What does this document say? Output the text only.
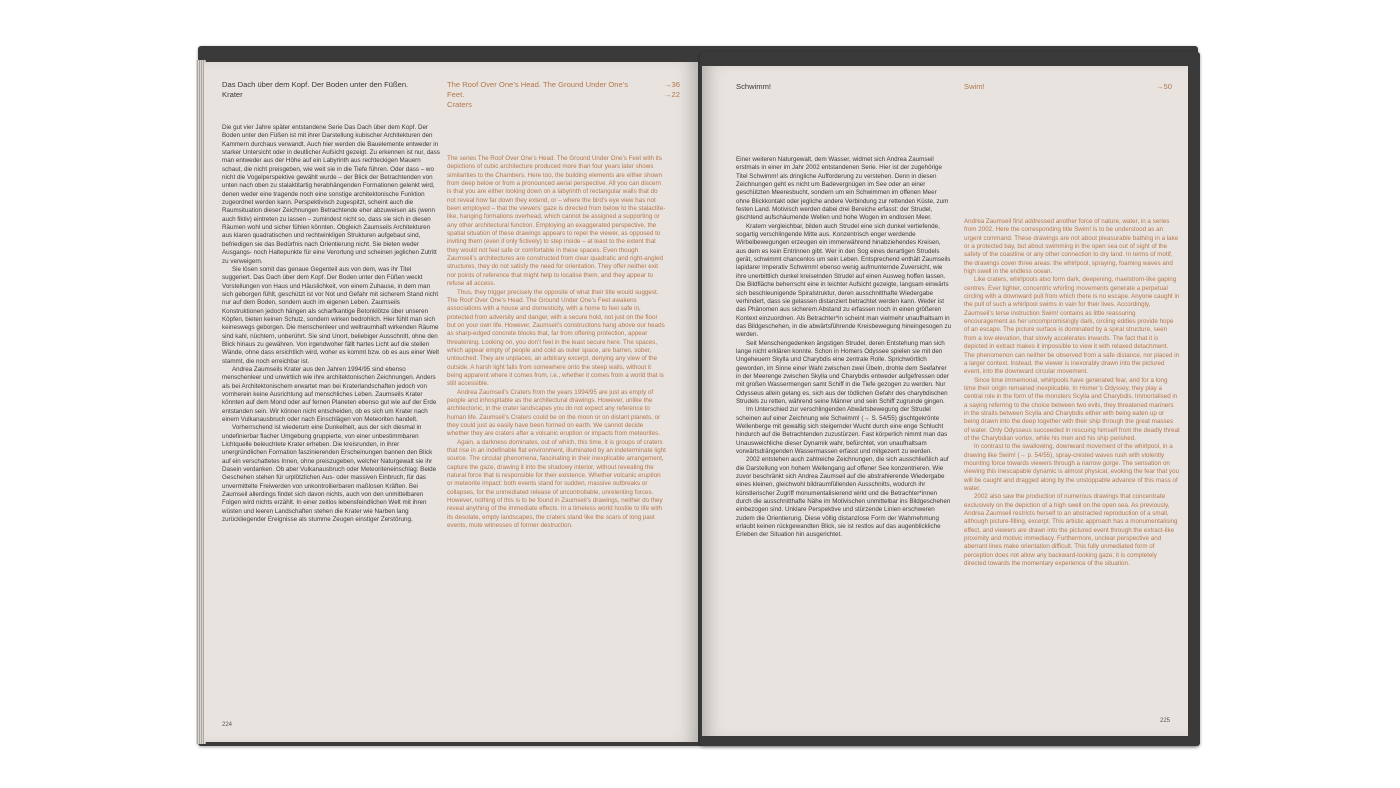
Das Dach über dem Kopf. Der Boden unter den Füßen.
Krater
The Roof Over One’s Head. The Ground Under One’s Feet.
Craters
→36
→22

Die gut vier Jahre später entstandene Serie Das Dach über dem Kopf. Der Boden unter den Füßen ist mit ihrer Darstellung kubischer Architekturen den Kammern durchaus verwandt. Auch hier werden die Bauelemente entweder in starker Untersicht oder in deutlicher Aufsicht gezeigt. Zu erkennen ist nur, dass man entweder aus der Höhe auf ein Labyrinth aus rechteckigen Mauern schaut, die nicht preisgeben, wie weit sie in die Tiefe führen. Oder dass – wo nicht die Vogelperspektive gewählt wurde – der Blick der Betrachtenden von unten nach oben zu stalaktitartig herabhängenden Formationen gelenkt wird, denen weder eine tragende noch eine sonstige architektonische Funktion zugeordnet werden kann. Perspektivisch zugespitzt, scheint auch die Raumsituation dieser Zeichnungen Betrachtende eher abzuweisen als (wenn auch fiktiv) eintreten zu lassen – zumindest nicht so, dass sie sich in diesen Räumen wohl und sicher fühlen könnten. Obgleich Zaumseils Architekturen aus klaren quadratischen und rechtwinkligen Strukturen aufgebaut sind, befriedigen sie das Bedürfnis nach Orientierung nicht. Sie bieten weder Ausgangs- noch Haltepunkte für eine Verortung und scheinen jeglichen Zutritt zu verweigern.

Sie lösen somit das genaue Gegenteil aus von dem, was ihr Titel suggeriert. Das Dach über dem Kopf. Der Boden unter den Füßen weckt Vorstellungen von Haus und Häuslichkeit, von einem Zuhause, in dem man sich geborgen fühlt, geschützt ist vor Not und Gefahr mit sicherem Stand nicht nur auf dem Boden, sondern auch im eigenen Leben. Zaumseils Konstruktionen jedoch hängen als scharfkantige Betonklötze über unseren Köpfen, bieten keinen Schutz, sondern wirken bedrohlich. Hier fühlt man sich keineswegs geborgen. Die menschenleer und weltraumhaft wirkenden Räume sind kahl, nüchtern, unberührt. Sie sind Unort, beliebiger Ausschnitt, ohne den Blick hinaus zu gewähren. Von irgendwoher fällt hartes Licht auf die steilen Wände, ohne dass ersichtlich wird, woher es kommt bzw. ob es aus einer Welt stammt, die noch erreichbar ist.

Andrea Zaumseils Krater aus den Jahren 1994/95 sind ebenso menschenleer und unwirtlich wie ihre architektonischen Zeichnungen. Anders als bei Architektonischem erwartet man bei Kraterlandschaften jedoch von vornherein keine Ausrichtung auf menschliches Leben. Zaumseils Krater könnten auf dem Mond oder auf fernen Planeten ebenso gut wie auf der Erde entstanden sein. Wir können nicht entscheiden, ob es sich um Krater nach einem Vulkanausbruch oder nach Einschlägen von Meteoriten handelt.

Vorherrschend ist wiederum eine Dunkelheit, aus der sich diesmal in undefinierbar flacher Umgebung gruppierte, von einer unbestimmbaren Lichtquelle beleuchtete Krater erheben. Die kreisrunden, in ihrer unergründlichen Formation faszinierenden Erscheinungen bannen den Blick auf ein verschattetes Innen, ohne preiszugeben, welcher Naturgewalt sie ihr Dasein verdanken. Ob aber Vulkanausbruch oder Meteoriteneinschlag: Beide Geschehen stehen für urplötzlichen Aus- oder massiven Einbruch, für das unvermittelte Freiwerden von unkontrollierbaren maßlosen Kräften. Bei Zaumseil allerdings findet sich davon nichts, auch von den unmittelbaren Folgen wird nichts erzählt. In einer zeitlos lebensfeindlichen Welt mit ihren wüsten und leeren Landschaften stehen die Krater wie Narben lang zurückliegender Ereignisse als stumme Zeugen einstiger Zerstörung.

The series The Roof Over One’s Head. The Ground Under One’s Feet with its depictions of cubic architecture produced more than four years later shows similarities to the Chambers. Here too, the building elements are either shown from deep below or from a pronounced aerial perspective. All you can discern is that you are either looking down on a labyrinth of rectangular walls that do not reveal how far down they extend, or – where the bird’s eye view has not been employed – that the viewers’ gaze is directed from below to the stalactite-like, hanging formations overhead, which cannot be assigned a supporting or any other architectural function. Employing an exaggerated perspective, the spatial situation of these drawings appears to repel the viewer, as opposed to inviting them (even if only fictively) to step inside – at least to the extent that they would not feel safe or comfortable in these spaces. Even though Zaumseil’s architectures are constructed from clear quadratic and right-angled structures, they do not satisfy the need for orientation. They offer neither exit nor points of reference that might help to localise them, and they appear to refuse all access.

Thus, they trigger precisely the opposite of what their title would suggest. The Roof Over One’s Head. The Ground Under One’s Feet awakens associations with a house and domesticity, with a home to feel safe in, protected from adversity and danger, with a secure hold, not just on the floor but on your own life. However, Zaumseil’s constructions hang above our heads as sharp-edged concrete blocks that, far from offering protection, appear threatening. Looking on, you don’t feel in the least secure here. The spaces, which appear empty of people and cold as outer space, are barren, sober, untouched. They are unplaces, an arbitrary excerpt, denying any view of the outside. A harsh light falls from somewhere onto the steep walls, without it being apparent where it comes from, i.e., whether it comes from a world that is still accessible.

Andrea Zaumseil’s Craters from the years 1994/95 are just as empty of people and inhospitable as the architectural drawings. However, unlike the architectonic, in the crater landscapes you do not expect any reference to human life. Zaumseil’s Craters could be on the moon or on distant planets, or they could just as easily have been formed on earth. We cannot decide whether they are craters after a volcanic eruption or impacts from meteorites.

Again, a darkness dominates, out of which, this time, it is groups of craters that rise in an indefinable flat environment, illuminated by an indeterminate light source. The circular phenomena, fascinating in their inexplicable arrangement, capture the gaze, drawing it into the shadowy interior, without revealing the natural force that is responsible for their existence. Whether volcanic eruption or meteorite impact: both events stand for sudden, massive outbreaks or collapses, for the unmediated release of uncontrollable, unrelenting forces. However, nothing of this is to be found in Zaumseil’s drawings, neither do they reveal anything of the immediate effects. In a timeless world hostile to life with its desolate, empty landscapes, the craters stand like the scars of long past events, mute witnesses of former destruction.

224
Schwimm!	Swim!	→50

Einer weiteren Naturgewalt, dem Wasser, widmet sich Andrea Zaumseil erstmals in einer im Jahr 2002 entstandenen Serie. Hier ist der zugehörige Titel Schwimm! als dringliche Aufforderung zu verstehen. Denn in diesen Zeichnungen geht es nicht um Badevergnügen im See oder an einer geschützten Meeresbucht, sondern um ein Schwimmen im offenen Meer ohne Blickkontakt oder jegliche andere Verbindung zur rettenden Küste, zum festen Land. Motivisch werden dabei drei Bereiche erfasst: der Strudel, gischtend aufschäumende Wellen und hohe Wogen im endlosen Meer.

Kratern vergleichbar, bilden auch Strudel eine sich dunkel vertiefende, sogartig verschlingende Mitte aus. Konzentrisch enger werdende Wirbelbewegungen erzeugen ein immerwährend hinabziehendes Kreisen, aus dem es kein Entrinnen gibt. Wer in den Sog eines derartigen Strudels gerät, schwimmt chancenlos um sein Leben. Entsprechend enthält Zaumseils lapidarer Imperativ Schwimm! ebenso wenig aufmunternde Zuversicht, wie ihre unerbittlich dunkel kreiselnden Strudel auf einen Ausweg hoffen lassen. Die Bildfläche beherrscht eine in leichter Aufsicht gezeigte, langsam einwärts sich beschleunigende Spiralstruktur, deren ausschnitthafte Wiedergabe verhindert, dass sie gelassen distanziert betrachtet werden kann. Weder ist das Phänomen aus sicherem Abstand zu erfassen noch in einen größeren Kontext einzuordnen. Als Betrachter*in scheint man vielmehr unaufhaltsam in das Bildgeschehen, in die abwärtsführende Kreisbewegung hineingesogen zu werden.

Seit Menschengedenken ängstigen Strudel, deren Entstehung man sich lange nicht erklären konnte. Schon in Homers Odyssee spielen sie mit den Ungeheuern Skylla und Charybdis eine zentrale Rolle. Sprichwörtlich geworden, im Sinne einer Wahl zwischen zwei Übeln, drohte dem Seefahrer in der Meerenge zwischen Skylla und Charybdis entweder aufgefressen oder mit großen Wassermengen samt Schiff in die Tiefe gezogen zu werden. Nur Odysseus allein gelang es, sich aus der tödlichen Gefahr des charybdischen Strudels zu retten, während seine Männer und sein Schiff zugrunde gingen.

Im Unterschied zur verschlingenden Abwärtsbewegung der Strudel scheinen auf einer Zeichnung wie Schwimm! (→ S. 54/55) gischtgekrönte Wellenberge mit gewaltig sich steigernder Wucht durch eine enge Schlucht hindurch auf die Betrachtenden zuzustürzen. Fast körperlich nimmt man das Unausweichliche dieser Dynamik wahr, befürchtet, von unaufhaltsam vorwärtsdrängenden Wassermassen erfasst und mitgezerrt zu werden.

2002 entstehen auch zahlreiche Zeichnungen, die sich ausschließlich auf die Darstellung von hohem Wellengang auf offener See konzentrieren. Wie zuvor beschränkt sich Andrea Zaumseil auf die abstrahierende Wiedergabe eines kleinen, gleichwohl bildraumfüllenden Ausschnitts, wodurch ihr künstlerischer Zugriff monumentalisierend wirkt und die Betrachter*innen durch die ausschnitthafte Nähe im Motivischen unmittelbar ins Bildgeschehen einbezogen sind. Unklare Perspektive und stürzende Linien erschweren zudem die Orientierung. Diese völlig distanzlose Form der Wahrnehmung erlaubt keinen rückgewandten Blick, sie ist restlos auf das augenblickliche Erleben der Situation hin ausgerichtet.

Andrea Zaumseil first addressed another force of nature, water, in a series from 2002. Here the corresponding title Swim! is to be understood as an urgent command. These drawings are not about pleasurable bathing in a lake or a protected bay, but about swimming in the open sea out of sight of the safety of the coastline or any other connection to dry land. In terms of motif, the drawings cover three areas: the whirlpool, spraying, foaming waves and high swell in the endless ocean.

Like craters, whirlpools also form dark, deepening, maelstrom-like gaping centres. Ever tighter, concentric whirling movements generate a perpetual circling with a downward pull from which there is no escape. Anyone caught in the pull of such a whirlpool swims in vain for their lives. Accordingly, Zaumseil’s terse instruction Swim! contains as little reassuring encouragement as her uncompromisingly dark, circling eddies provide hope of an escape. The picture surface is dominated by a spiral structure, seen from a low elevation, that slowly accelerates inwards. The fact that it is depicted in extract makes it impossible to view it with relaxed detachment. The phenomenon can neither be observed from a safe distance, nor placed in a larger context. Instead, the viewer is inexorably drawn into the pictured event, into the downward circular movement.

Since time immemorial, whirlpools have generated fear, and for a long time their origin remained inexplicable. In Homer’s Odyssey, they play a central role in the form of the monsters Scylla and Charybdis. Immortalised in a saying referring to the choice between two evils, they threatened mariners in the straits between Scylla and Charybdis either with being eaten up or being drawn into the deep together with their ship through the great masses of water. Only Odysseus succeeded in rescuing himself from the deadly threat of the Charybdian vortex, while his men and his ship perished.

In contrast to the swallowing, downward movement of the whirlpool, in a drawing like Swim! (→ p. 54/55), spray-crested waves rush with violently mounting force towards viewers through a narrow gorge. The sensation on viewing this inescapable dynamic is almost physical, evoking the fear that you will be caught and dragged along by the unstoppable advance of this mass of water.

2002 also saw the production of numerous drawings that concentrate exclusively on the depiction of a high swell on the open sea. As previously, Andrea Zaumseil restricts herself to an abstracted reproduction of a small, although picture-filling, excerpt. This artistic approach has a monumentalising effect, and viewers are drawn into the pictured event through the extract-like proximity and motivic immediacy. Furthermore, unclear perspective and aberrant lines make orientation difficult. This fully unmediated form of perception does not allow any backward-looking gaze; it is completely directed towards the momentary experience of the situation.

225
